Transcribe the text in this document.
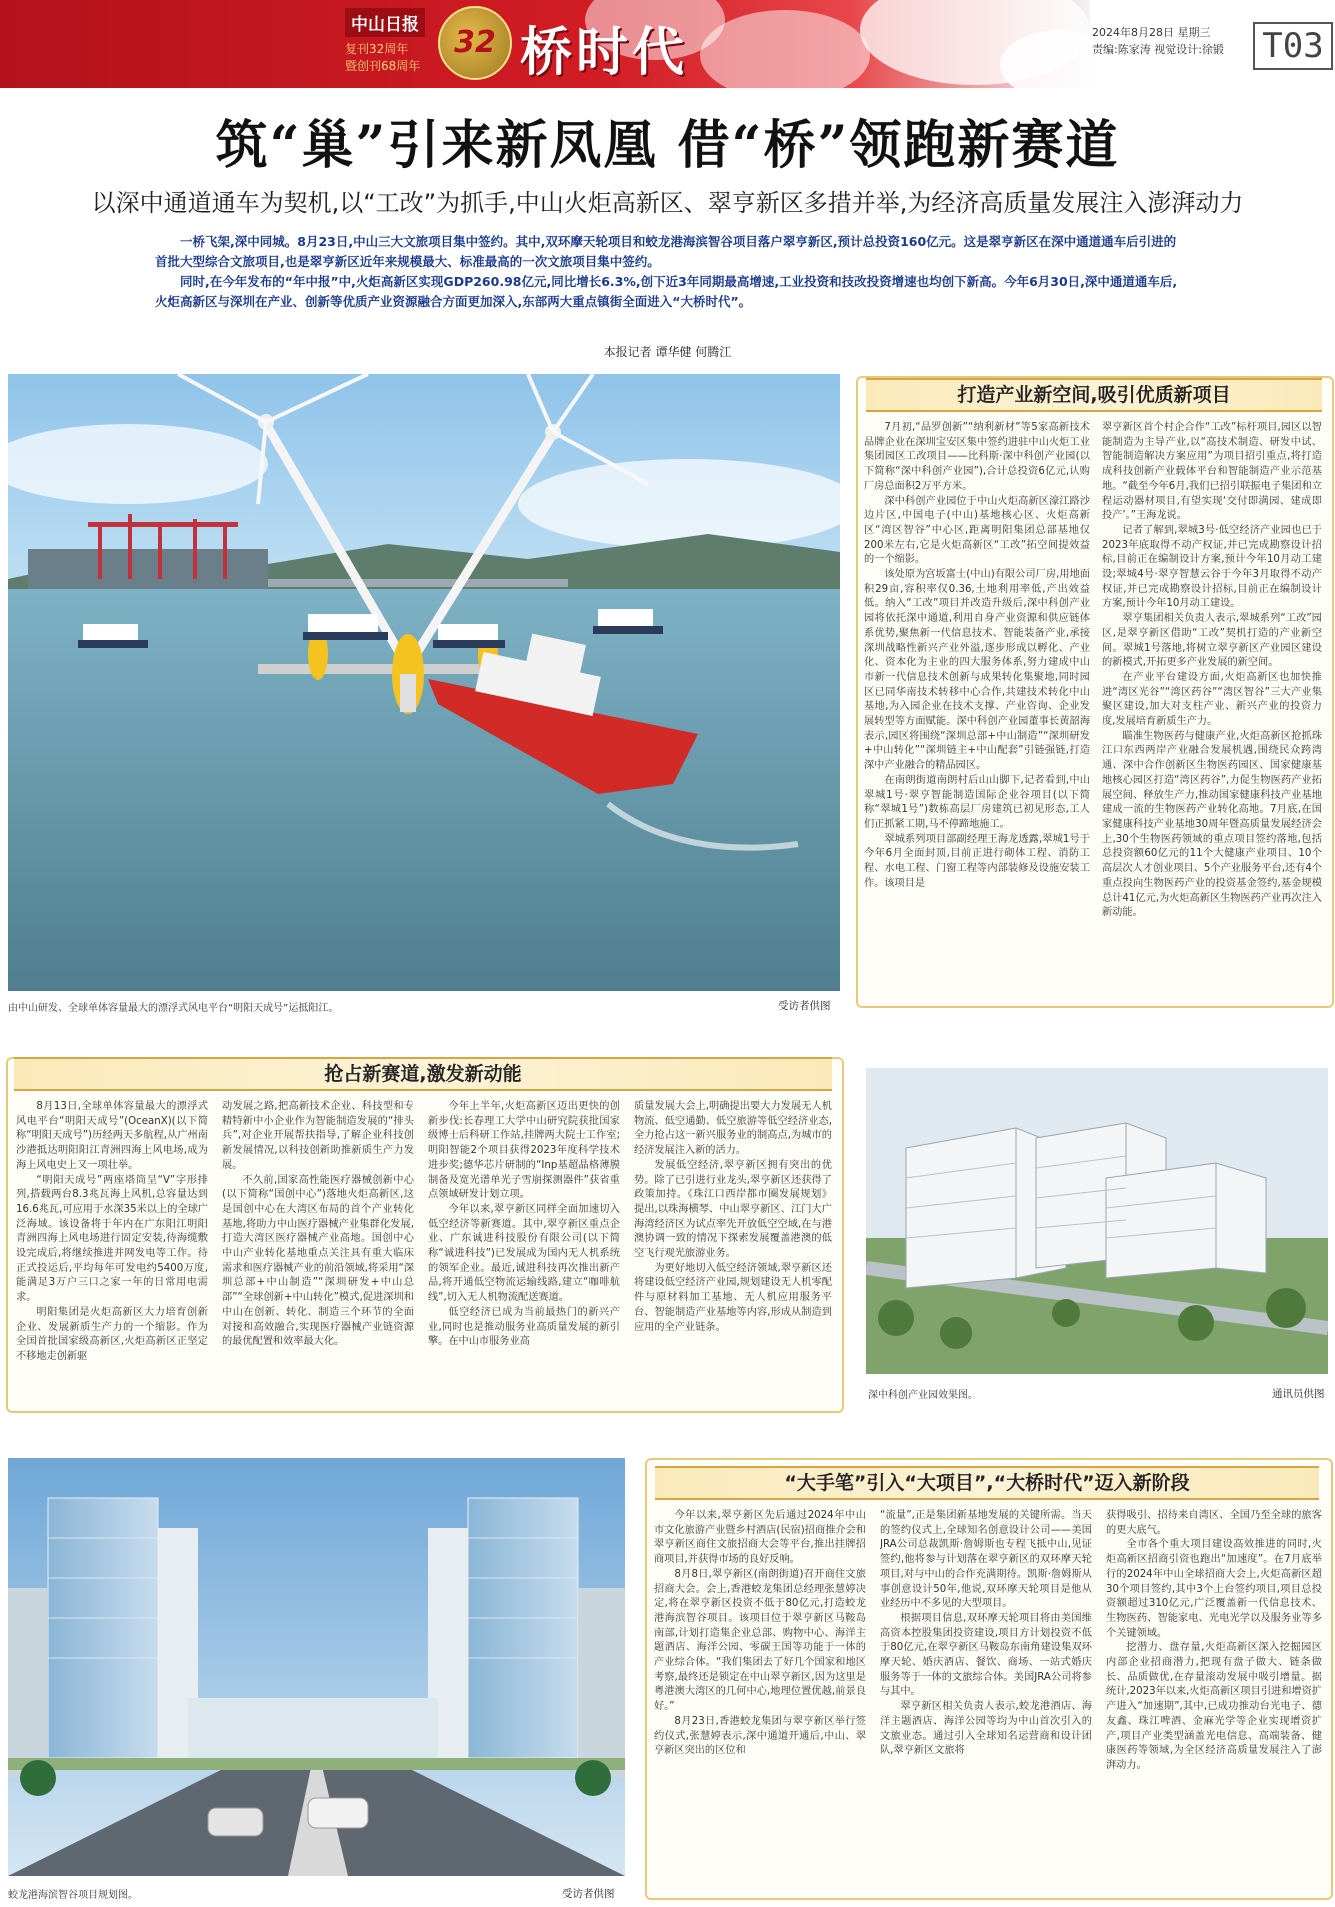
中山日报
复刊32周年
暨创刊68周年
32 桥时代	2024年8月28日 星期三
责编:陈家涛 视觉设计:徐锻 T03
筑“巢”引来新凤凰 借“桥”领跑新赛道
以深中通道通车为契机,以“工改”为抓手,中山火炬高新区、翠亨新区多措并举,为经济高质量发展注入澎湃动力
一桥飞架,深中同城。8月23日,中山三大文旅项目集中签约。其中,双环摩天轮项目和蛟龙港海滨智谷项目落户翠亨新区,预计总投资160亿元。这是翠亨新区在深中通道通车后引进的首批大型综合文旅项目,也是翠亨新区近年来规模最大、标准最高的一次文旅项目集中签约。
同时,在今年发布的“年中报”中,火炬高新区实现GDP260.98亿元,同比增长6.3%,创下近3年同期最高增速,工业投资和技改投资增速也均创下新高。今年6月30日,深中通道通车后,火炬高新区与深圳在产业、创新等优质产业资源融合方面更加深入,东部两大重点镇街全面进入“大桥时代”。
本报记者 谭华健 何腾江
由中山研发、全球单体容量最大的漂浮式风电平台“明阳天成号”运抵阳江。	受访者供图
打造产业新空间,吸引优质新项目

7月初,“品罗创新”“纳利新材”等5家高新技术品牌企业在深圳宝安区集中签约进驻中山火炬工业集团园区工改项目——比科斯·深中科创产业园(以下简称“深中科创产业园”),合计总投资6亿元,认购厂房总面积2万平方米。

深中科创产业园位于中山火炬高新区濠江路沙边片区,中国电子(中山)基地核心区、火炬高新区“湾区智谷”中心区,距离明阳集团总部基地仅200米左右,它是火炬高新区“工改”拓空间提效益的一个缩影。

该处原为宫坂富士(中山)有限公司厂房,用地面积29亩,容积率仅0.36,土地利用率低,产出效益低。纳入“工改”项目并改造升级后,深中科创产业园将依托深中通道,利用自身产业资源和供应链体系优势,聚焦新一代信息技术、智能装备产业,承接深圳战略性新兴产业外溢,逐步形成以孵化、产业化、资本化为主业的四大服务体系,努力建成中山市新一代信息技术创新与成果转化集聚地,同时园区已同华南技术转移中心合作,共建技术转化中山基地,为入园企业在技术支撑、产业咨询、企业发展转型等方面赋能。深中科创产业园董事长黄韶海表示,园区将围绕“深圳总部+中山制造”“深圳研发+中山转化”“深圳链主+中山配套”引链强链,打造深中产业融合的精品园区。

在南朗街道南朗村后山山脚下,记者看到,中山翠城1号·翠亨智能制造国际企业谷项目(以下简称“翠城1号”)数栋高层厂房建筑已初见形态,工人们正抓紧工期,马不停蹄地施工。

翠城系列项目部副经理王海龙透露,翠城1号于今年6月全面封顶,目前正进行砌体工程、消防工程、水电工程、门窗工程等内部装修及设施安装工作。该项目是

翠亨新区首个村企合作“工改”标杆项目,园区以智能制造为主导产业,以“高技术制造、研发中试、智能制造解决方案应用”为项目招引重点,将打造成科技创新产业载体平台和智能制造产业示范基地。“截至今年6月,我们已招引联振电子集团和立程运动器材项目,有望实现‘交付即满园、建成即投产’。”王海龙说。

记者了解到,翠城3号·低空经济产业园也已于2023年底取得不动产权证,并已完成勘察设计招标,目前正在编制设计方案,预计今年10月动工建设;翠城4号·翠亨智慧云谷于今年3月取得不动产权证,并已完成勘察设计招标,目前正在编制设计方案,预计今年10月动工建设。

翠亨集团相关负责人表示,翠城系列“工改”园区,是翠亨新区借助“工改”契机打造的产业新空间。翠城1号落地,将树立翠亨新区产业园区建设的新模式,开拓更多产业发展的新空间。

在产业平台建设方面,火炬高新区也加快推进“湾区光谷”“湾区药谷”“湾区智谷”三大产业集聚区建设,加大对支柱产业、新兴产业的投资力度,发展培育新质生产力。

瞄准生物医药与健康产业,火炬高新区抢抓珠江口东西两岸产业融合发展机遇,围绕民众跨湾通、深中合作创新区生物医药园区、国家健康基地核心园区打造“湾区药谷”,力促生物医药产业拓展空间、释放生产力,推动国家健康科技产业基地建成一流的生物医药产业转化高地。7月底,在国家健康科技产业基地30周年暨高质量发展经济会上,30个生物医药领域的重点项目签约落地,包括总投资额60亿元的11个大健康产业项目、10个高层次人才创业项目、5个产业服务平台,还有4个重点投向生物医药产业的投资基金签约,基金规模总计41亿元,为火炬高新区生物医药产业再次注入新动能。

抢占新赛道,激发新动能

8月13日,全球单体容量最大的漂浮式风电平台“明阳天成号”(OceanX)(以下简称“明阳天成号”)历经两天多航程,从广州南沙港抵达明阳阳江青洲四海上风电场,成为海上风电史上又一项壮举。

“明阳天成号”两座塔筒呈“V”字形排列,搭载两台8.3兆瓦海上风机,总容量达到16.6兆瓦,可应用于水深35米以上的全球广泛海域。该设备将于年内在广东阳江明阳青洲四海上风电场进行固定安装,待海缆敷设完成后,将继续推进并网发电等工作。待正式投运后,平均每年可发电约5400万度,能满足3万户三口之家一年的日常用电需求。

明阳集团是火炬高新区大力培育创新企业、发展新质生产力的一个缩影。作为全国首批国家级高新区,火炬高新区正坚定不移地走创新驱

动发展之路,把高新技术企业、科技型和专精特新中小企业作为智能制造发展的“排头兵”,对企业开展帮扶指导,了解企业科技创新发展情况,以科技创新助推新质生产力发展。

不久前,国家高性能医疗器械创新中心(以下简称“国创中心”)落地火炬高新区,这是国创中心在大湾区布局的首个产业转化基地,将助力中山医疗器械产业集群化发展,打造大湾区医疗器械产业高地。国创中心中山产业转化基地重点关注具有重大临床需求和医疗器械产业的前沿领域,将采用“深圳总部+中山制造”“深圳研发+中山总部”“全球创新+中山转化”模式,促进深圳和中山在创新、转化、制造三个环节的全面对接和高效融合,实现医疗器械产业链资源的最优配置和效率最大化。

今年上半年,火炬高新区迈出更快的创新步伐:长春理工大学中山研究院获批国家级博士后科研工作站,挂牌两大院士工作室;明阳智能2个项目获得2023年度科学技术进步奖;德华芯片研制的“Inp基超晶格薄膜制备及宽光谱单光子雪崩探测器件”获省重点领域研发计划立项。

今年以来,翠亨新区同样全面加速切入低空经济等新赛道。其中,翠亨新区重点企业、广东诚进科技股份有限公司(以下简称“诚进科技”)已发展成为国内无人机系统的领军企业。最近,诚进科技再次推出新产品,将开通低空物流运输线路,建立“咖啡航线”,切入无人机物流配送赛道。

低空经济已成为当前最热门的新兴产业,同时也是推动服务业高质量发展的新引擎。在中山市服务业高

质量发展大会上,明确提出要大力发展无人机物流、低空通勤、低空旅游等低空经济业态,全力抢占这一新兴服务业的制高点,为城市的经济发展注入新的活力。

发展低空经济,翠亨新区拥有突出的优势。除了已引进行业龙头,翠亨新区还获得了政策加持。《珠江口西岸都市圈发展规划》提出,以珠海横琴、中山翠亨新区、江门大广海湾经济区为试点率先开放低空空域,在与港澳协调一致的情况下探索发展覆盖港澳的低空飞行观光旅游业务。

为更好地切入低空经济领域,翠亨新区还将建设低空经济产业园,规划建设无人机零配件与原材料加工基地、无人机应用服务平台、智能制造产业基地等内容,形成从制造到应用的全产业链条。

深中科创产业园效果图。	通讯员供图
蛟龙港海滨智谷项目规划图。	受访者供图
“大手笔”引入“大项目”,“大桥时代”迈入新阶段

今年以来,翠亨新区先后通过2024年中山市文化旅游产业暨乡村酒店(民宿)招商推介会和翠亨新区商住文旅招商大会等平台,推出挂牌招商项目,并获得市场的良好反响。

8月8日,翠亨新区(南朗街道)召开商住文旅招商大会。会上,香港蛟龙集团总经理张慧婷决定,将在翠亨新区投资不低于80亿元,打造蛟龙港海滨智谷项目。该项目位于翠亨新区马鞍岛南部,计划打造集企业总部、购物中心、海洋主题酒店、海洋公园、零碳王国等功能于一体的产业综合体。“我们集团去了好几个国家和地区考察,最终还是锁定在中山翠亨新区,因为这里是粤港澳大湾区的几何中心,地理位置优越,前景良好。”

8月23日,香港蛟龙集团与翠亨新区举行签约仪式,张慧婷表示,深中通道开通后,中山、翠亨新区突出的区位和

“流量”,正是集团新基地发展的关键所需。当天的签约仪式上,全球知名创意设计公司——美国JRA公司总裁凯斯·詹姆斯也专程飞抵中山,见证签约,他将参与计划落在翠亨新区的双环摩天轮项目,对与中山的合作充满期待。凯斯·詹姆斯从事创意设计50年,他说,双环摩天轮项目是他从业经历中不多见的大型项目。

根据项目信息,双环摩天轮项目将由美国维高资本控股集团投资建设,项目方计划投资不低于80亿元,在翠亨新区马鞍岛东南角建设集双环摩天轮、婚庆酒店、餐饮、商场、一站式婚庆服务等于一体的文旅综合体。美国JRA公司将参与其中。

翠亨新区相关负责人表示,蛟龙港酒店、海洋主题酒店、海洋公园等均为中山首次引入的文旅业态。通过引入全球知名运营商和设计团队,翠亨新区文旅将

获得吸引、招待来自湾区、全国乃至全球的旅客的更大底气。

全市各个重大项目建设高效推进的同时,火炬高新区招商引资也跑出“加速度”。在7月底举行的2024年中山全球招商大会上,火炬高新区超30个项目签约,其中3个上台签约项目,项目总投资额超过310亿元,广泛覆盖新一代信息技术、生物医药、智能家电、光电光学以及服务业等多个关键领域。

挖潜力、盘存量,火炬高新区深入挖掘园区内部企业招商潜力,把现有盘子做大、链条做长、品质做优,在存量滚动发展中吸引增量。据统计,2023年以来,火炬高新区项目引进和增资扩产进入“加速期”,其中,已成功推动台光电子、德友鑫、珠江啤酒、金麻光学等企业实现增资扩产,项目产业类型涵盖光电信息、高端装备、健康医药等领域,为全区经济高质量发展注入了澎湃动力。
